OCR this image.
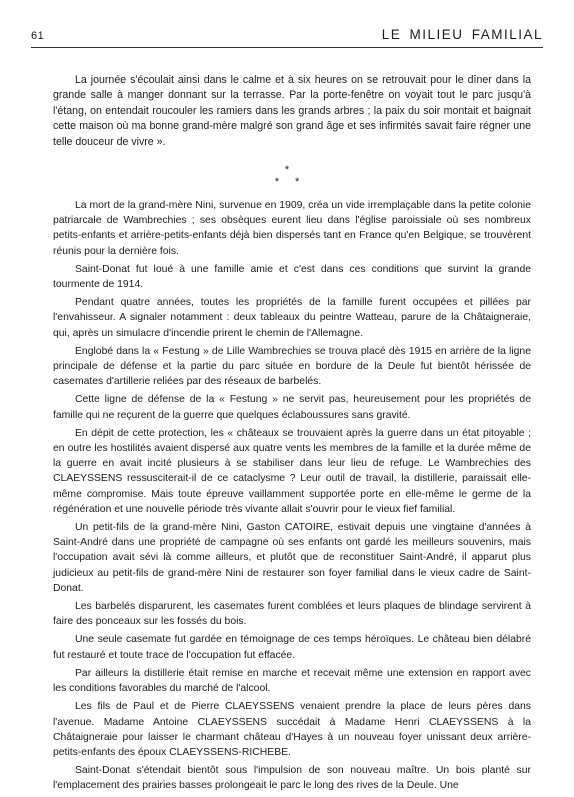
61	LE MILIEU FAMILIAL

La journée s'écoulait ainsi dans le calme et à six heures on se retrouvait pour le dîner dans la grande salle à manger donnant sur la terrasse. Par la porte-fenêtre on voyait tout le parc jusqu'à l'étang, on entendait roucouler les ramiers dans les grands arbres ; la paix du soir montait et baignait cette maison où ma bonne grand-mère malgré son grand âge et ses infirmités savait faire régner une telle douceur de vivre ».

*
**

La mort de la grand-mère Nini, survenue en 1909, créa un vide irremplaçable dans la petite colonie patriarcale de Wambrechies ; ses obsèques eurent lieu dans l'église paroissiale où ses nombreux petits-enfants et arrière-petits-enfants déjà bien dispersés tant en France qu'en Belgique, se trouvèrent réunis pour la dernière fois.

Saint-Donat fut loué à une famille amie et c'est dans ces conditions que survint la grande tourmente de 1914.

Pendant quatre années, toutes les propriétés de la famille furent occupées et pillées par l'envahisseur. A signaler notamment : deux tableaux du peintre Watteau, parure de la Châtaigneraie, qui, après un simulacre d'incendie prirent le chemin de l'Allemagne.

Englobé dans la « Festung » de Lille Wambrechies se trouva placé dès 1915 en arrière de la ligne principale de défense et la partie du parc située en bordure de la Deule fut bientôt hérissée de casemates d'artillerie reliées par des réseaux de barbelés.

Cette ligne de défense de la « Festung » ne servit pas, heureusement pour les propriétés de famille qui ne reçurent de la guerre que quelques éclaboussures sans gravité.

En dépit de cette protection, les « châteaux se trouvaient après la guerre dans un état pitoyable ; en outre les hostilités avaient dispersé aux quatre vents les membres de la famille et la durée même de la guerre en avait incité plusieurs à se stabiliser dans leur lieu de refuge. Le Wambrechies des CLAEYSSENS ressusciterait-il de ce cataclysme ? Leur outil de travail, la distillerie, paraissait elle-même compromise. Mais toute épreuve vaillamment supportée porte en elle-même le germe de la régénération et une nouvelle période très vivante allait s'ouvrir pour le vieux fief familial.

Un petit-fils de la grand-mère Nini, Gaston CATOIRE, estivait depuis une vingtaine d'années à Saint-André dans une propriété de campagne où ses enfants ont gardé les meilleurs souvenirs, mais l'occupation avait sévi là comme ailleurs, et plutôt que de reconstituer Saint-André, il apparut plus judicieux au petit-fils de grand-mère Nini de restaurer son foyer familial dans le vieux cadre de Saint-Donat.

Les barbelés disparurent, les casemates furent comblées et leurs plaques de blindage servirent à faire des ponceaux sur les fossés du bois.

Une seule casemate fut gardée en témoignage de ces temps héroïques. Le château bien délabré fut restauré et toute trace de l'occupation fut effacée.

Par ailleurs la distillerie était remise en marche et recevait même une extension en rapport avec les conditions favorables du marché de l'alcool.

Les fils de Paul et de Pierre CLAEYSSENS venaient prendre la place de leurs pères dans l'avenue. Madame Antoine CLAEYSSENS succédait à Madame Henri CLAEYSSENS à la Châtaigneraie pour laisser le charmant château d'Hayes à un nouveau foyer unissant deux arrière-petits-enfants des époux CLAEYSSENS-RICHEBE.

Saint-Donat s'étendait bientôt sous l'impulsion de son nouveau maître. Un bois planté sur l'emplacement des prairies basses prolongeait le parc le long des rives de la Deule. Une
